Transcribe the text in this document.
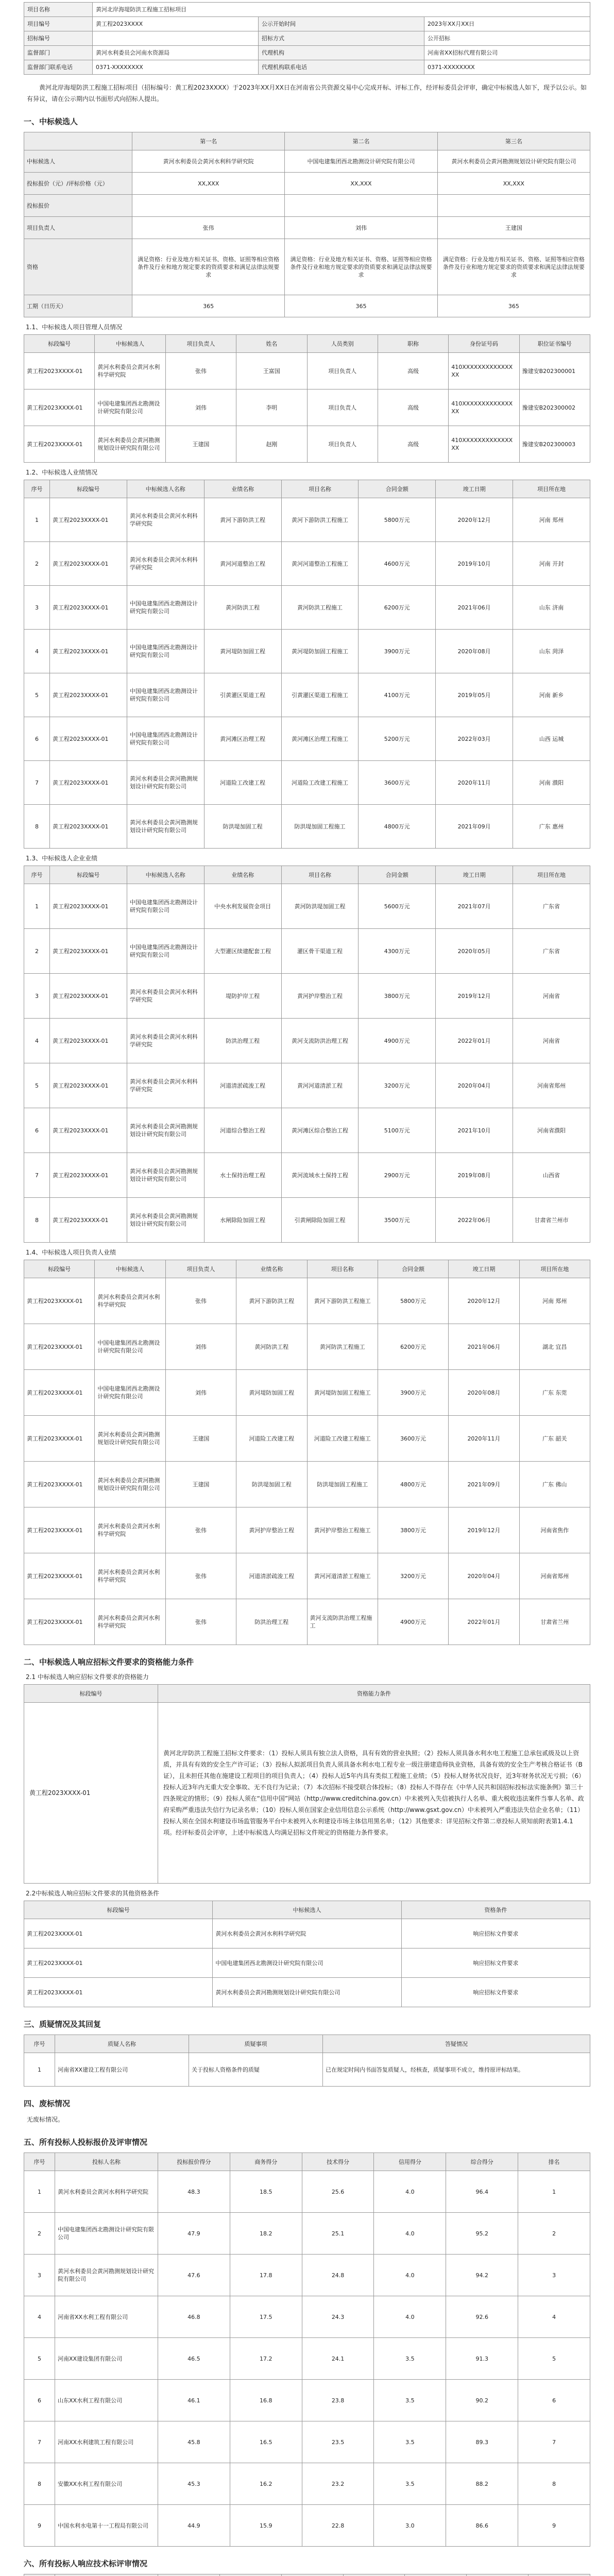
项目名称	黄河北岸海堤防洪工程施工招标项目		
项目编号	黄工程2023XXXX	公示开始时间	2023年XX月XX日
招标编号		招标方式	公开招标
监督部门	黄河水利委员会河南水资源局	代理机构	河南省XX招标代理有限公司
监督部门联系电话	0371-XXXXXXXX	代理机构联系电话	0371-XXXXXXXX

黄河北岸海堤防洪工程施工招标项目（招标编号：黄工程2023XXXX）于2023年XX月XX日在河南省公共资源交易中心完成开标、评标工作，经评标委员会评审，确定中标候选人如下，现予以公示。如有异议，请在公示期内以书面形式向招标人提出。

一、中标候选人
	第一名	第二名	第三名
中标候选人	黄河水利委员会黄河水利科学研究院	中国电建集团西北勘测设计研究院有限公司	黄河水利委员会黄河勘测规划设计研究院有限公司
投标报价（元）/评标价格（元）	XX,XXX	XX,XXX	XX,XXX
投标报价			
项目负责人	张伟	刘伟	王建国
资格	满足资格：行业及地方相关证书、资格、证照等相应资格条件及行业和地方规定要求的资质要求和满足法律法规要求	满足资格：行业及地方相关证书、资格、证照等相应资格条件及行业和地方规定要求的资质要求和满足法律法规要求	满足资格：行业及地方相关证书、资格、证照等相应资格条件及行业和地方规定要求的资质要求和满足法律法规要求
工期（日历天）	365	365	365
1.1、中标候选人项目管理人员情况
标段编号	中标候选人	项目负责人	姓名	人员类别	职称	身份证号码	职位证书编号
黄工程2023XXXX-01	黄河水利委员会黄河水利科学研究院	张伟	王富国	项目负责人	高级	410XXXXXXXXXXXXXXX	豫建安B202300001
黄工程2023XXXX-01	中国电建集团西北勘测设计研究院有限公司	刘伟	李明	项目负责人	高级	410XXXXXXXXXXXXXXX	豫建安B202300002
黄工程2023XXXX-01	黄河水利委员会黄河勘测规划设计研究院有限公司	王建国	赵刚	项目负责人	高级	410XXXXXXXXXXXXXXX	豫建安B202300003
1.2、中标候选人业绩情况
序号	标段编号	中标候选人名称	业绩名称	项目名称	合同金额	竣工日期	项目所在地
1	黄工程2023XXXX-01	黄河水利委员会黄河水利科学研究院	黄河下游防洪工程	黄河下游防洪工程施工	5800万元	2020年12月	河南 郑州
2	黄工程2023XXXX-01	黄河水利委员会黄河水利科学研究院	黄河河道整治工程	黄河河道整治工程施工	4600万元	2019年10月	河南 开封
3	黄工程2023XXXX-01	中国电建集团西北勘测设计研究院有限公司	黄河防洪工程	黄河防洪工程施工	6200万元	2021年06月	山东 济南
4	黄工程2023XXXX-01	中国电建集团西北勘测设计研究院有限公司	黄河堤防加固工程	黄河堤防加固工程施工	3900万元	2020年08月	山东 菏泽
5	黄工程2023XXXX-01	中国电建集团西北勘测设计研究院有限公司	引黄灌区渠道工程	引黄灌区渠道工程施工	4100万元	2019年05月	河南 新乡
6	黄工程2023XXXX-01	中国电建集团西北勘测设计研究院有限公司	黄河滩区治理工程	黄河滩区治理工程施工	5200万元	2022年03月	山西 运城
7	黄工程2023XXXX-01	黄河水利委员会黄河勘测规划设计研究院有限公司	河道险工改建工程	河道险工改建工程施工	3600万元	2020年11月	河南 濮阳
8	黄工程2023XXXX-01	黄河水利委员会黄河勘测规划设计研究院有限公司	防洪堤加固工程	防洪堤加固工程施工	4800万元	2021年09月	广东 惠州
1.3、中标候选人企业业绩
序号	标段编号	中标候选人名称	业绩名称	项目名称	合同金额	竣工日期	项目所在地
1	黄工程2023XXXX-01	中国电建集团西北勘测设计研究院有限公司	中央水利发展资金项目	黄河防洪堤加固工程	5600万元	2021年07月	广东省
2	黄工程2023XXXX-01	中国电建集团西北勘测设计研究院有限公司	大型灌区续建配套工程	灌区骨干渠道工程	4300万元	2020年05月	广东省
3	黄工程2023XXXX-01	黄河水利委员会黄河水利科学研究院	堤防护岸工程	黄河护岸整治工程	3800万元	2019年12月	河南省
4	黄工程2023XXXX-01	黄河水利委员会黄河水利科学研究院	防洪治理工程	黄河支流防洪治理工程	4900万元	2022年01月	河南省
5	黄工程2023XXXX-01	黄河水利委员会黄河水利科学研究院	河道清淤疏浚工程	黄河河道清淤工程	3200万元	2020年04月	河南省郑州
6	黄工程2023XXXX-01	黄河水利委员会黄河勘测规划设计研究院有限公司	河道综合整治工程	黄河滩区综合整治工程	5100万元	2021年10月	河南省濮阳
7	黄工程2023XXXX-01	黄河水利委员会黄河勘测规划设计研究院有限公司	水土保持治理工程	黄河流域水土保持工程	2900万元	2019年08月	山西省
8	黄工程2023XXXX-01	黄河水利委员会黄河勘测规划设计研究院有限公司	水闸除险加固工程	引黄闸除险加固工程	3500万元	2022年06月	甘肃省兰州市
1.4、中标候选人项目负责人业绩
标段编号	中标候选人	项目负责人	业绩名称	项目名称	合同金额	竣工日期	项目所在地
黄工程2023XXXX-01	黄河水利委员会黄河水利科学研究院	张伟	黄河下游防洪工程	黄河下游防洪工程施工	5800万元	2020年12月	河南 郑州
黄工程2023XXXX-01	中国电建集团西北勘测设计研究院有限公司	刘伟	黄河防洪工程	黄河防洪工程施工	6200万元	2021年06月	湖北 宜昌
黄工程2023XXXX-01	中国电建集团西北勘测设计研究院有限公司	刘伟	黄河堤防加固工程	黄河堤防加固工程施工	3900万元	2020年08月	广东 东莞
黄工程2023XXXX-01	黄河水利委员会黄河勘测规划设计研究院有限公司	王建国	河道险工改建工程	河道险工改建工程施工	3600万元	2020年11月	广东 韶关
黄工程2023XXXX-01	黄河水利委员会黄河勘测规划设计研究院有限公司	王建国	防洪堤加固工程	防洪堤加固工程施工	4800万元	2021年09月	广东 佛山
黄工程2023XXXX-01	黄河水利委员会黄河水利科学研究院	张伟	黄河护岸整治工程	黄河护岸整治工程施工	3800万元	2019年12月	河南省焦作
黄工程2023XXXX-01	黄河水利委员会黄河水利科学研究院	张伟	河道清淤疏浚工程	黄河河道清淤工程施工	3200万元	2020年04月	河南省郑州
黄工程2023XXXX-01	黄河水利委员会黄河水利科学研究院	张伟	防洪治理工程	黄河支流防洪治理工程施工	4900万元	2022年01月	甘肃省兰州
二、中标候选人响应招标文件要求的资格能力条件
2.1 中标候选人响应招标文件要求的资格能力
标段编号	资格能力条件
黄工程2023XXXX-01	黄河北岸防洪工程施工招标文件要求：（1）投标人须具有独立法人资格，具有有效的营业执照；（2）投标人须具备水利水电工程施工总承包贰级及以上资质，并具有有效的安全生产许可证；（3）投标人拟派项目负责人须具备水利水电工程专业一级注册建造师执业资格，具备有效的安全生产考核合格证书（B证），且未担任其他在施建设工程项目的项目负责人；（4）投标人近5年内具有类似工程施工业绩；（5）投标人财务状况良好，近3年财务状况无亏损；（6）投标人近3年内无重大安全事故、无不良行为记录；（7）本次招标不接受联合体投标；（8）投标人不得存在《中华人民共和国招标投标法实施条例》第三十四条规定的情形；（9）投标人须在“信用中国”网站（http://www.creditchina.gov.cn）中未被列入失信被执行人名单、重大税收违法案件当事人名单、政府采购严重违法失信行为记录名单；（10）投标人须在国家企业信用信息公示系统（http://www.gsxt.gov.cn）中未被列入严重违法失信企业名单；（11）投标人须在全国水利建设市场监管服务平台中未被列入水利建设市场主体信用黑名单；（12）其他要求：详见招标文件第二章投标人须知前附表第1.4.1项。经评标委员会评审，上述中标候选人均满足招标文件规定的资格能力条件要求。
2.2中标候选人响应招标文件要求的其他资格条件
标段编号	中标候选人	资格条件
黄工程2023XXXX-01	黄河水利委员会黄河水利科学研究院	响应招标文件要求
黄工程2023XXXX-01	中国电建集团西北勘测设计研究院有限公司	响应招标文件要求
黄工程2023XXXX-01	黄河水利委员会黄河勘测规划设计研究院有限公司	响应招标文件要求
三、质疑情况及其回复
序号	质疑人名称	质疑事项	答疑情况
1	河南省XX建设工程有限公司	关于投标人资格条件的质疑	已在规定时间内书面答复质疑人，经核查，质疑事项不成立，维持原评标结果。
四、废标情况

无废标情况。

五、所有投标人投标报价及评审情况
序号	投标人名称	投标报价得分	商务得分	技术得分	信用得分	综合得分	排名
1	黄河水利委员会黄河水利科学研究院	48.3	18.5	25.6	4.0	96.4	1
2	中国电建集团西北勘测设计研究院有限公司	47.9	18.2	25.1	4.0	95.2	2
3	黄河水利委员会黄河勘测规划设计研究院有限公司	47.6	17.8	24.8	4.0	94.2	3
4	河南省XX水利工程有限公司	46.8	17.5	24.3	4.0	92.6	4
5	河南XX建设集团有限公司	46.5	17.2	24.1	3.5	91.3	5
6	山东XX水利工程有限公司	46.1	16.8	23.8	3.5	90.2	6
7	河南XX水利建筑工程有限公司	45.8	16.5	23.5	3.5	89.3	7
8	安徽XX水利工程有限公司	45.3	16.2	23.2	3.5	88.2	8
9	中国水利水电第十一工程局有限公司	44.9	15.9	22.8	3.0	86.6	9
六、所有投标人响应技术标评审情况
